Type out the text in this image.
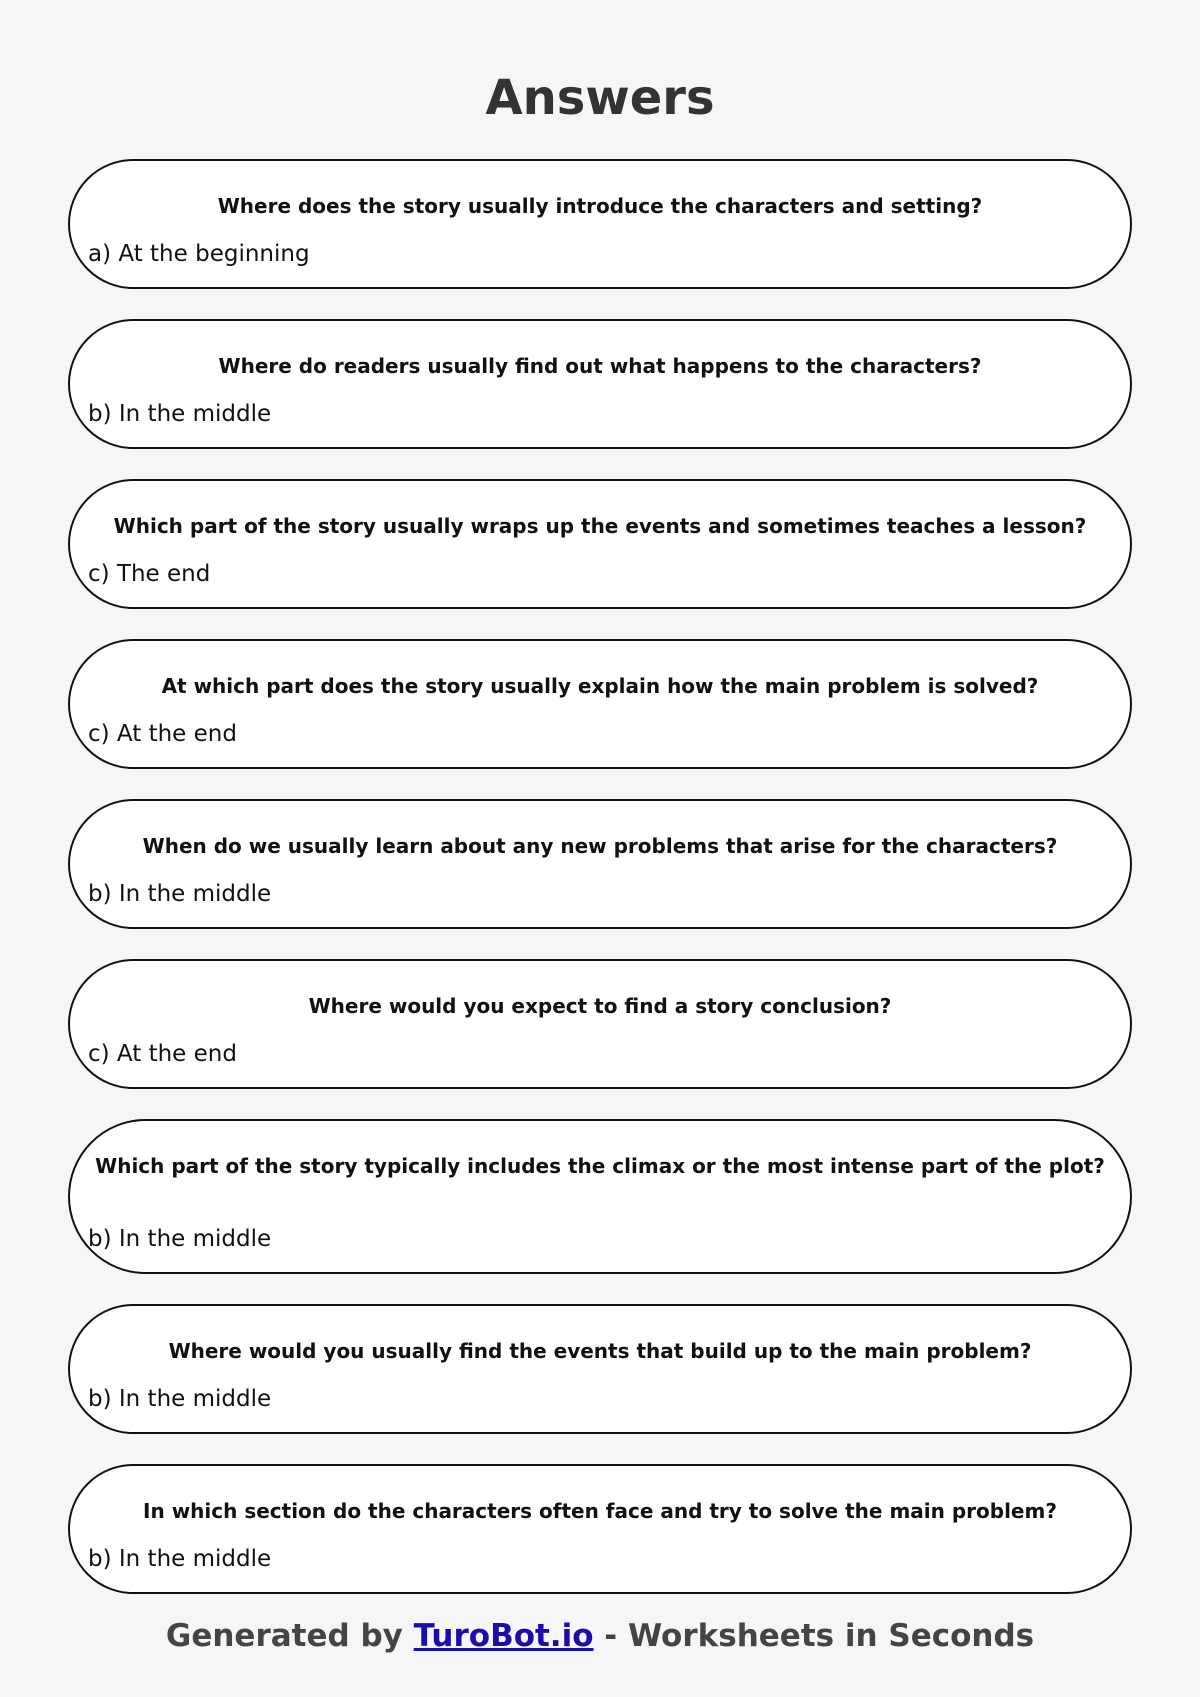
Answers
Where does the story usually introduce the characters and setting?
a) At the beginning
Where do readers usually find out what happens to the characters?
b) In the middle
Which part of the story usually wraps up the events and sometimes teaches a lesson?
c) The end
At which part does the story usually explain how the main problem is solved?
c) At the end
When do we usually learn about any new problems that arise for the characters?
b) In the middle
Where would you expect to find a story conclusion?
c) At the end
Which part of the story typically includes the climax or the most intense part of the plot?
b) In the middle
Where would you usually find the events that build up to the main problem?
b) In the middle
In which section do the characters often face and try to solve the main problem?
b) In the middle
Generated by TuroBot.io - Worksheets in Seconds
